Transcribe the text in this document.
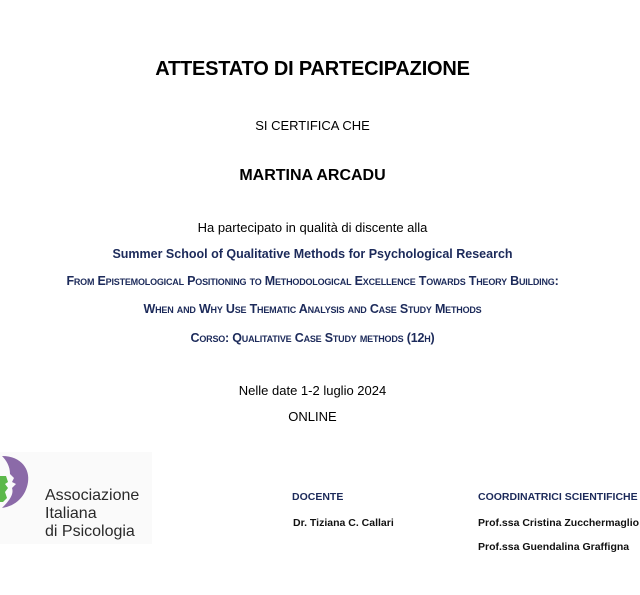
ATTESTATO DI PARTECIPAZIONE
SI CERTIFICA CHE
MARTINA ARCADU
Ha partecipato in qualità di discente alla
Summer School of Qualitative Methods for Psychological Research
From Epistemological Positioning to Methodological Excellence Towards Theory Building:
When and Why Use Thematic Analysis and Case Study Methods
Corso: Qualitative Case Study methods (12h)
Nelle date 1-2 luglio 2024
ONLINE
Associazione
Italiana
di Psicologia
DOCENTE
Dr. Tiziana C. Callari
COORDINATRICI SCIENTIFICHE
Prof.ssa Cristina Zucchermaglio
Prof.ssa Guendalina Graffigna
